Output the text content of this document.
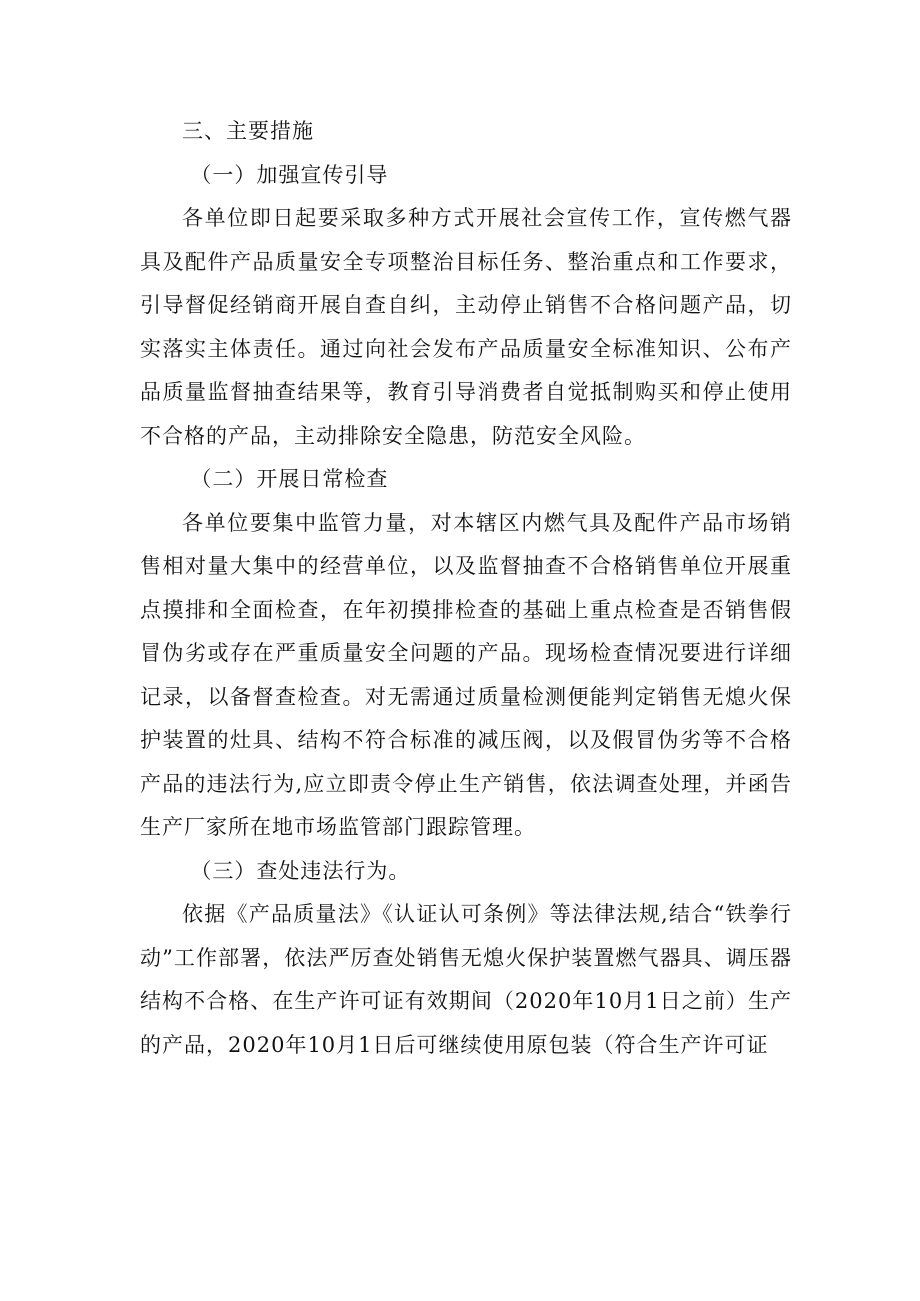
三、主要措施

（一）加强宣传引导

各单位即日起要采取多种方式开展社会宣传工作，宣传燃气器具及配件产品质量安全专项整治目标任务、整治重点和工作要求，引导督促经销商开展自查自纠，主动停止销售不合格问题产品，切实落实主体责任。通过向社会发布产品质量安全标准知识、公布产品质量监督抽查结果等，教育引导消费者自觉抵制购买和停止使用不合格的产品，主动排除安全隐患，防范安全风险。

（二）开展日常检查

各单位要集中监管力量，对本辖区内燃气具及配件产品市场销售相对量大集中的经营单位，以及监督抽查不合格销售单位开展重点摸排和全面检查，在年初摸排检查的基础上重点检查是否销售假冒伪劣或存在严重质量安全问题的产品。现场检查情况要进行详细记录，以备督查检查。对无需通过质量检测便能判定销售无熄火保护装置的灶具、结构不符合标准的减压阀，以及假冒伪劣等不合格产品的违法行为,应立即责令停止生产销售，依法调查处理，并函告生产厂家所在地市场监管部门跟踪管理。

（三）查处违法行为。

依据《产品质量法》《认证认可条例》等法律法规,结合“铁拳行动”工作部署，依法严厉查处销售无熄火保护装置燃气器具、调压器结构不合格、在生产许可证有效期间（2020年10月1日之前）生产的产品，2020年10月1日后可继续使用原包装（符合生产许可证
